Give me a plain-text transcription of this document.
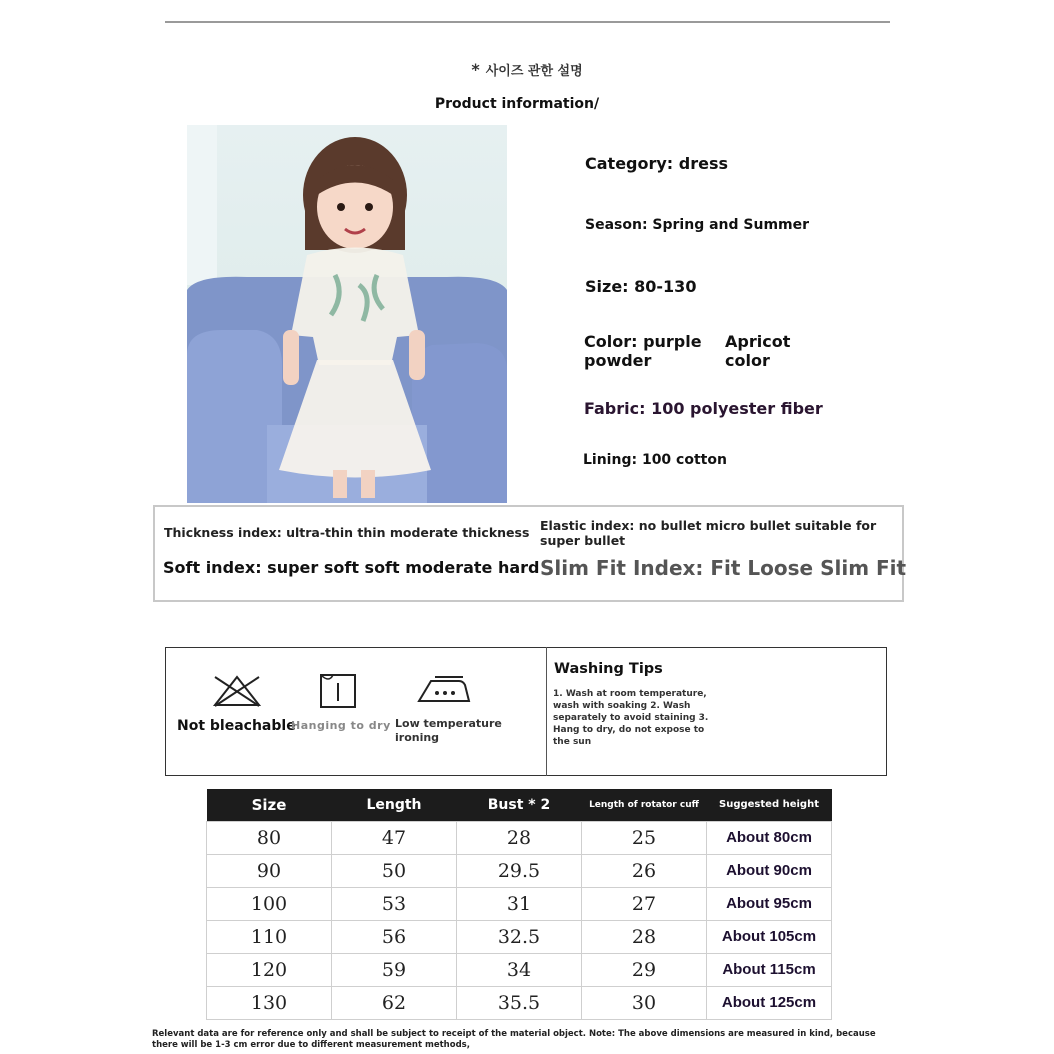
* 사이즈 관한 설명
Product information/
Category: dress
Season: Spring and Summer
Size: 80-130
Color: purple powder
Apricot color
Fabric: 100 polyester fiber
Lining: 100 cotton
Thickness index: ultra-thin thin moderate thickness
Soft index: super soft soft moderate hard
Elastic index: no bullet micro bullet suitable for super bullet
Slim Fit Index: Fit Loose Slim Fit
Not bleachable
Hanging to dry Low temperature ironing
Washing Tips
1. Wash at room temperature, wash with soaking 2. Wash separately to avoid staining 3. Hang to dry, do not expose to the sun
Size	Length	Bust * 2	Length of rotator cuff	Suggested height
80	47	28	25	About 80cm
90	50	29.5	26	About 90cm
100	53	31	27	About 95cm
110	56	32.5	28	About 105cm
120	59	34	29	About 115cm
130	62	35.5	30	About 125cm
Relevant data are for reference only and shall be subject to receipt of the material object. Note: The above dimensions are measured in kind, because there will be 1-3 cm error due to different measurement methods,
